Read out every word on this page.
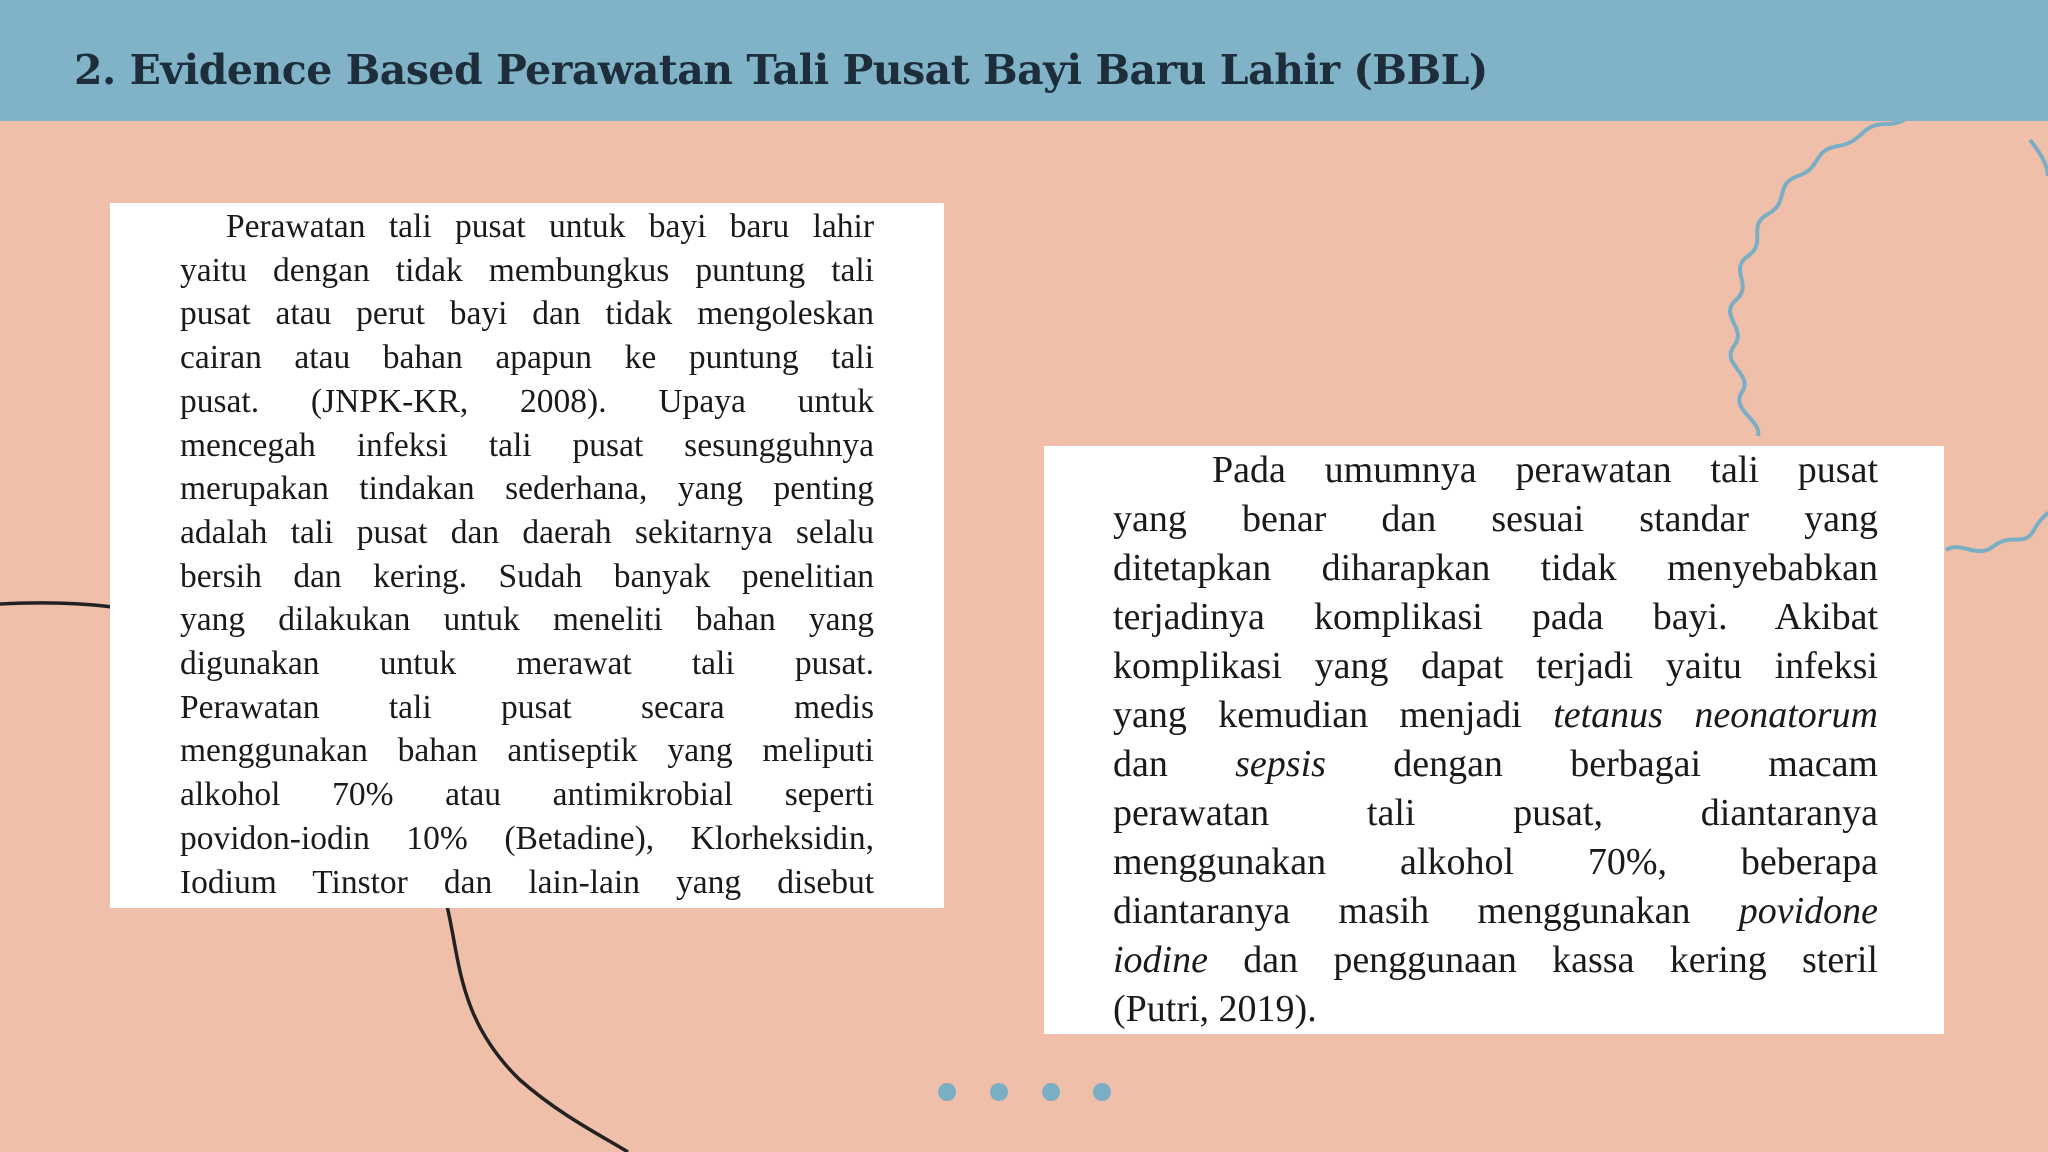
2. Evidence Based Perawatan Tali Pusat Bayi Baru Lahir (BBL)

Perawatan tali pusat untuk bayi baru lahir
yaitu dengan tidak membungkus puntung tali
pusat atau perut bayi dan tidak mengoleskan
cairan atau bahan apapun ke puntung tali
pusat. (JNPK-KR, 2008). Upaya untuk
mencegah infeksi tali pusat sesungguhnya
merupakan tindakan sederhana, yang penting
adalah tali pusat dan daerah sekitarnya selalu
bersih dan kering. Sudah banyak penelitian
yang dilakukan untuk meneliti bahan yang
digunakan untuk merawat tali pusat.
Perawatan tali pusat secara medis
menggunakan bahan antiseptik yang meliputi
alkohol 70% atau antimikrobial seperti
povidon-iodin 10% (Betadine), Klorheksidin,
Iodium Tinstor dan lain-lain yang disebut

Pada umumnya perawatan tali pusat
yang benar dan sesuai standar yang
ditetapkan diharapkan tidak menyebabkan
terjadinya komplikasi pada bayi. Akibat
komplikasi yang dapat terjadi yaitu infeksi
yang kemudian menjadi tetanus neonatorum
dan sepsis dengan berbagai macam
perawatan tali pusat, diantaranya
menggunakan alkohol 70%, beberapa
diantaranya masih menggunakan povidone
iodine dan penggunaan kassa kering steril
(Putri, 2019).
